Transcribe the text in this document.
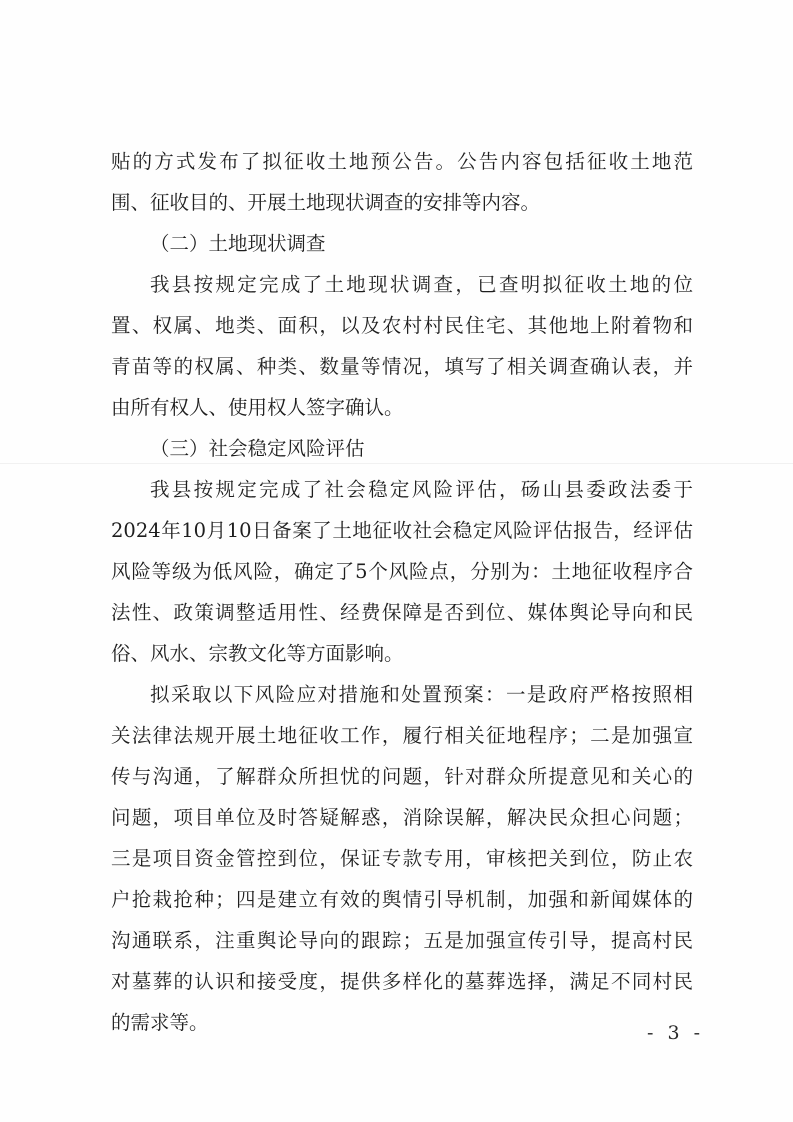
贴的方式发布了拟征收土地预公告。公告内容包括征收土地范
围、征收目的、开展土地现状调查的安排等内容。
（二）土地现状调查
我县按规定完成了土地现状调查，已查明拟征收土地的位
置、权属、地类、面积，以及农村村民住宅、其他地上附着物和
青苗等的权属、种类、数量等情况，填写了相关调查确认表，并
由所有权人、使用权人签字确认。
（三）社会稳定风险评估
我县按规定完成了社会稳定风险评估，砀山县委政法委于
2024年10月10日备案了土地征收社会稳定风险评估报告，经评估
风险等级为低风险，确定了5个风险点，分别为：土地征收程序合
法性、政策调整适用性、经费保障是否到位、媒体舆论导向和民
俗、风水、宗教文化等方面影响。
拟采取以下风险应对措施和处置预案：一是政府严格按照相
关法律法规开展土地征收工作，履行相关征地程序；二是加强宣
传与沟通，了解群众所担忧的问题，针对群众所提意见和关心的
问题，项目单位及时答疑解惑，消除误解，解决民众担心问题；
三是项目资金管控到位，保证专款专用，审核把关到位，防止农
户抢栽抢种；四是建立有效的舆情引导机制，加强和新闻媒体的
沟通联系，注重舆论导向的跟踪；五是加强宣传引导，提高村民
对墓葬的认识和接受度，提供多样化的墓葬选择，满足不同村民
的需求等。	- 3 -
